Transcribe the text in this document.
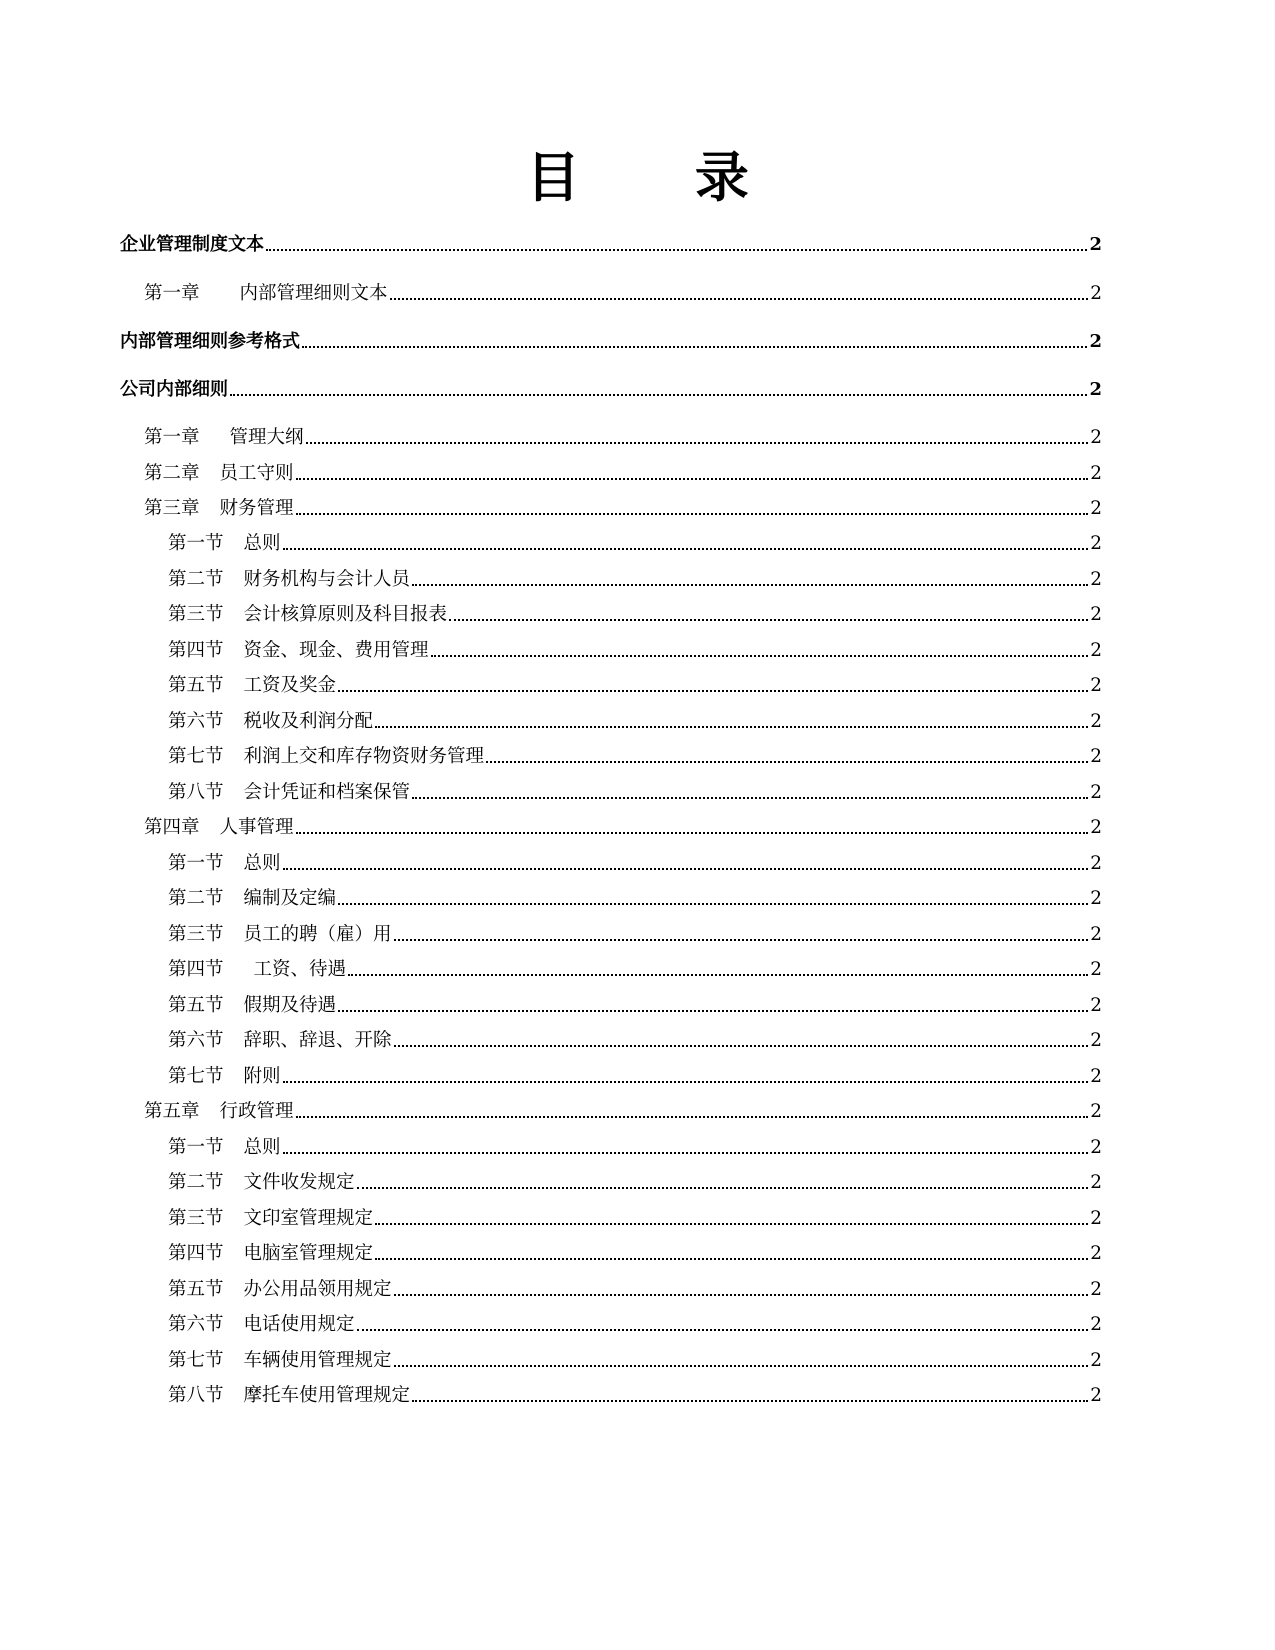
目 录
企业管理制度文本	2
第一章 内部管理细则文本	2
内部管理细则参考格式	2
公司内部细则	2
第一章 管理大纲	2
第二章 员工守则	2
第三章 财务管理	2
第一节 总则	2
第二节 财务机构与会计人员	2
第三节 会计核算原则及科目报表	2
第四节 资金、现金、费用管理	2
第五节 工资及奖金	2
第六节 税收及利润分配	2
第七节 利润上交和库存物资财务管理	2
第八节 会计凭证和档案保管	2
第四章 人事管理	2
第一节 总则	2
第二节 编制及定编	2
第三节 员工的聘（雇）用	2
第四节 工资、待遇	2
第五节 假期及待遇	2
第六节 辞职、辞退、开除	2
第七节 附则	2
第五章 行政管理	2
第一节 总则	2
第二节 文件收发规定	2
第三节 文印室管理规定	2
第四节 电脑室管理规定	2
第五节 办公用品领用规定	2
第六节 电话使用规定	2
第七节 车辆使用管理规定	2
第八节 摩托车使用管理规定	2
